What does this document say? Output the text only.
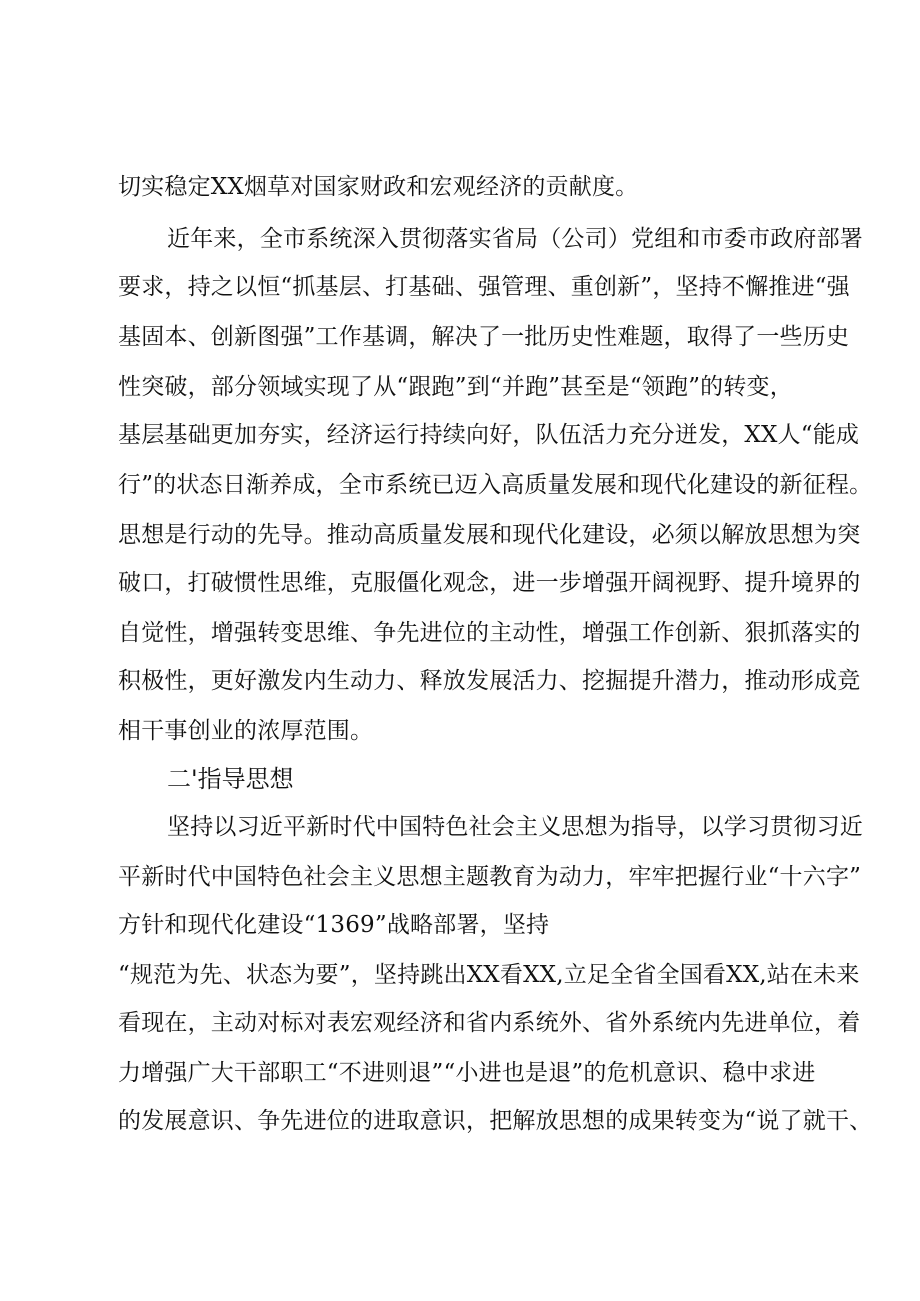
切实稳定XX烟草对国家财政和宏观经济的贡献度。
近年来，全市系统深入贯彻落实省局（公司）党组和市委市政府部署
要求，持之以恒“抓基层、打基础、强管理、重创新”，坚持不懈推进“强
基固本、创新图强”工作基调，解决了一批历史性难题，取得了一些历史
性突破，部分领域实现了从“跟跑”到“并跑”甚至是“领跑”的转变，
基层基础更加夯实，经济运行持续向好，队伍活力充分迸发，XX人“能成
行”的状态日渐养成，全市系统已迈入高质量发展和现代化建设的新征程。
思想是行动的先导。推动高质量发展和现代化建设，必须以解放思想为突
破口，打破惯性思维，克服僵化观念，进一步增强开阔视野、提升境界的
自觉性，增强转变思维、争先进位的主动性，增强工作创新、狠抓落实的
积极性，更好激发内生动力、释放发展活力、挖掘提升潜力，推动形成竞
相干事创业的浓厚范围。
二'指导思想
坚持以习近平新时代中国特色社会主义思想为指导，以学习贯彻习近
平新时代中国特色社会主义思想主题教育为动力，牢牢把握行业“十六字”
方针和现代化建设“1369”战略部署，坚持
“规范为先、状态为要”，坚持跳出XX看XX,立足全省全国看XX,站在未来
看现在，主动对标对表宏观经济和省内系统外、省外系统内先进单位，着
力增强广大干部职工“不进则退”“小进也是退”的危机意识、稳中求进
的发展意识、争先进位的进取意识，把解放思想的成果转变为“说了就干、
